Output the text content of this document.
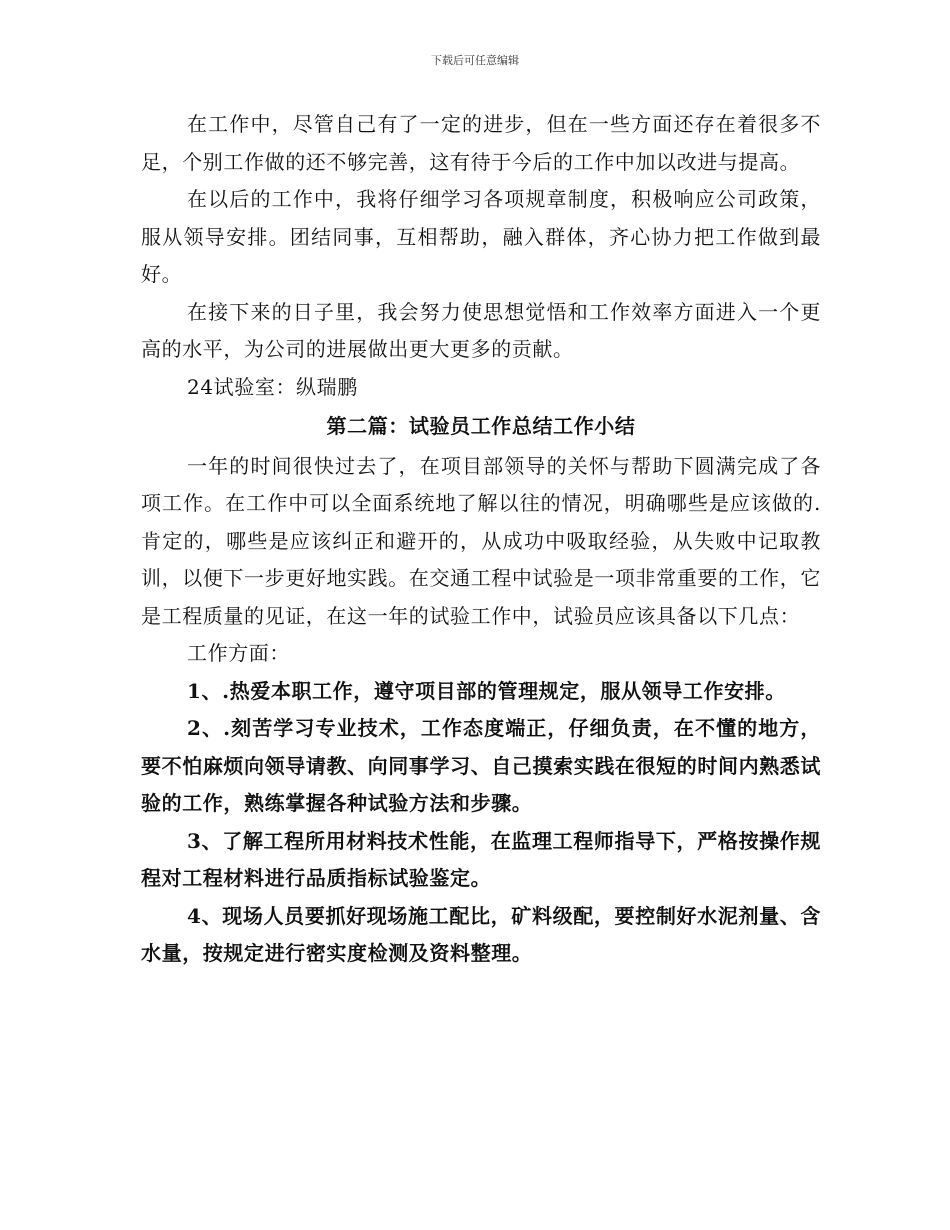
下载后可任意编辑

在工作中，尽管自己有了一定的进步，但在一些方面还存在着很多不足，个别工作做的还不够完善，这有待于今后的工作中加以改进与提高。

在以后的工作中，我将仔细学习各项规章制度，积极响应公司政策，服从领导安排。团结同事，互相帮助，融入群体，齐心协力把工作做到最好。

在接下来的日子里，我会努力使思想觉悟和工作效率方面进入一个更高的水平，为公司的进展做出更大更多的贡献。

24试验室：纵瑞鹏

第二篇：试验员工作总结工作小结

一年的时间很快过去了，在项目部领导的关怀与帮助下圆满完成了各项工作。在工作中可以全面系统地了解以往的情况，明确哪些是应该做的.肯定的，哪些是应该纠正和避开的，从成功中吸取经验，从失败中记取教训，以便下一步更好地实践。在交通工程中试验是一项非常重要的工作，它是工程质量的见证，在这一年的试验工作中，试验员应该具备以下几点：

工作方面：

1、.热爱本职工作，遵守项目部的管理规定，服从领导工作安排。

2、.刻苦学习专业技术，工作态度端正，仔细负责，在不懂的地方，要不怕麻烦向领导请教、向同事学习、自己摸索实践在很短的时间内熟悉试验的工作，熟练掌握各种试验方法和步骤。

3、了解工程所用材料技术性能，在监理工程师指导下，严格按操作规程对工程材料进行品质指标试验鉴定。

4、现场人员要抓好现场施工配比，矿料级配，要控制好水泥剂量、含水量，按规定进行密实度检测及资料整理。
